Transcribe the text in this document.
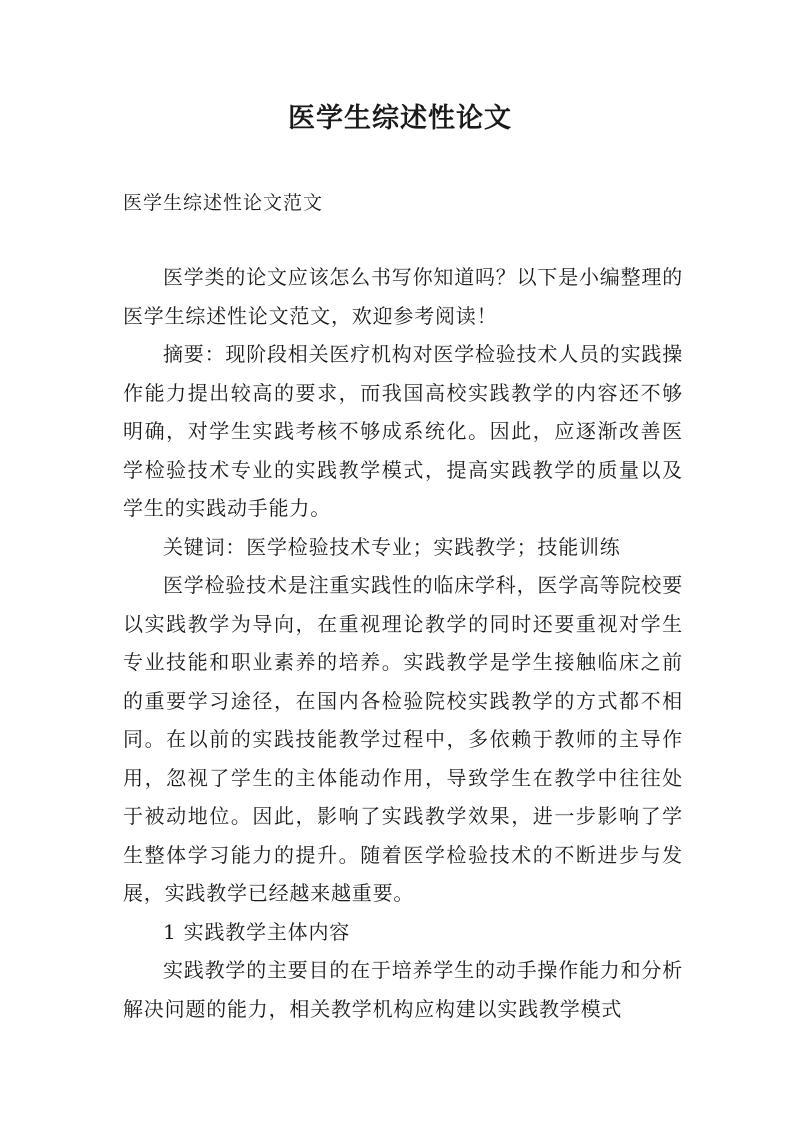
医学生综述性论文
医学生综述性论文范文

医学类的论文应该怎么书写你知道吗？以下是小编整理的医学生综述性论文范文，欢迎参考阅读！

摘要：现阶段相关医疗机构对医学检验技术人员的实践操作能力提出较高的要求，而我国高校实践教学的内容还不够明确，对学生实践考核不够成系统化。因此，应逐渐改善医学检验技术专业的实践教学模式，提高实践教学的质量以及学生的实践动手能力。

关键词：医学检验技术专业；实践教学；技能训练

医学检验技术是注重实践性的临床学科，医学高等院校要以实践教学为导向，在重视理论教学的同时还要重视对学生专业技能和职业素养的培养。实践教学是学生接触临床之前的重要学习途径，在国内各检验院校实践教学的方式都不相同。在以前的实践技能教学过程中，多依赖于教师的主导作用，忽视了学生的主体能动作用，导致学生在教学中往往处于被动地位。因此，影响了实践教学效果，进一步影响了学生整体学习能力的提升。随着医学检验技术的不断进步与发展，实践教学已经越来越重要。

1 实践教学主体内容

实践教学的主要目的在于培养学生的动手操作能力和分析解决问题的能力，相关教学机构应构建以实践教学模式
